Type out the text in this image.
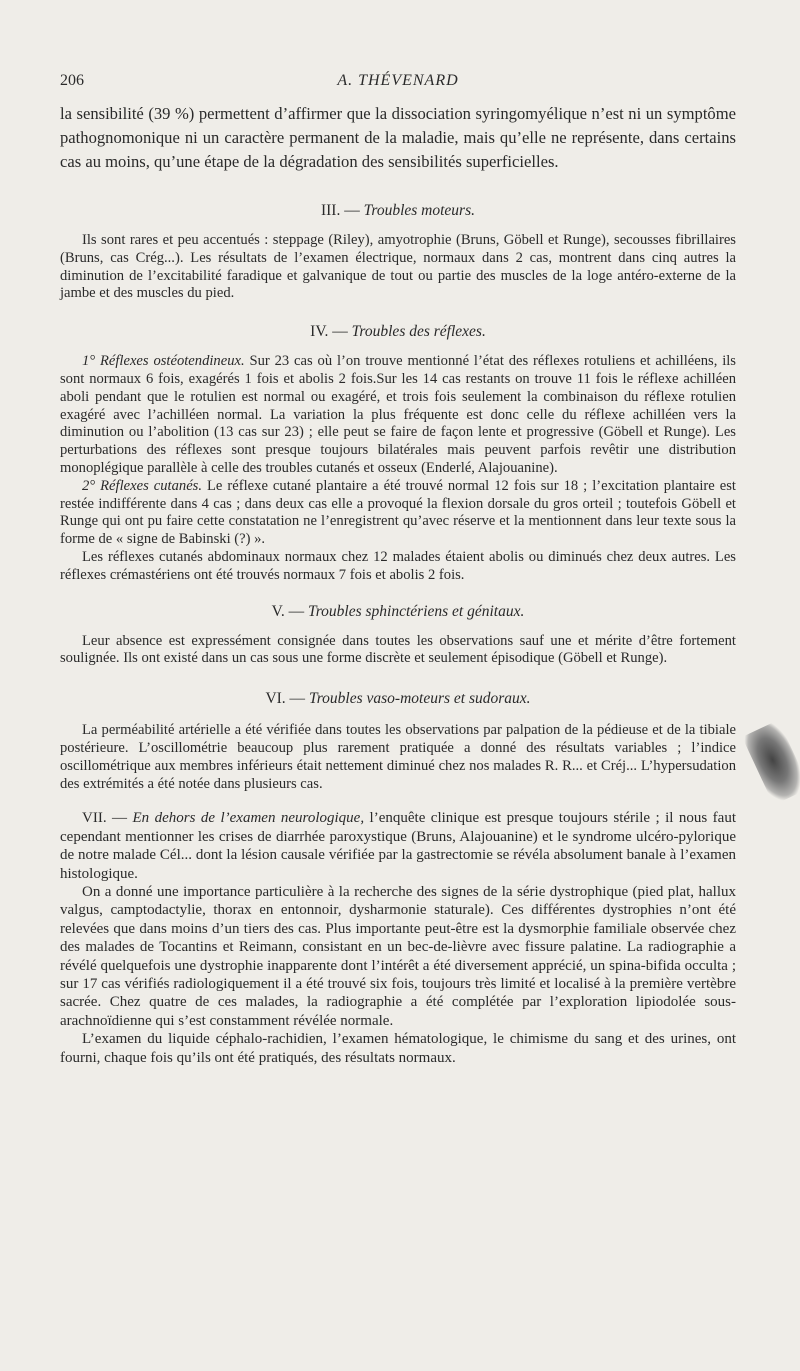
206	A. THÉVENARD

la sensibilité (39 %) permettent d’affirmer que la dissociation syringomyélique n’est ni un symptôme pathognomonique ni un caractère permanent de la maladie, mais qu’elle ne représente, dans certains cas au moins, qu’une étape de la dégradation des sensibilités superficielles.

III. — Troubles moteurs.

Ils sont rares et peu accentués : steppage (Riley), amyotrophie (Bruns, Göbell et Runge), secousses fibrillaires (Bruns, cas Crég...). Les résultats de l’examen électrique, normaux dans 2 cas, montrent dans cinq autres la diminution de l’excitabilité faradique et galvanique de tout ou partie des muscles de la loge antéro-externe de la jambe et des muscles du pied.

IV. — Troubles des réflexes.

1° Réflexes ostéotendineux. Sur 23 cas où l’on trouve mentionné l’état des réflexes rotuliens et achilléens, ils sont normaux 6 fois, exagérés 1 fois et abolis 2 fois.Sur les 14 cas restants on trouve 11 fois le réflexe achilléen aboli pendant que le rotulien est normal ou exagéré, et trois fois seulement la combinaison du réflexe rotulien exagéré avec l’achilléen normal. La variation la plus fréquente est donc celle du réflexe achilléen vers la diminution ou l’abolition (13 cas sur 23) ; elle peut se faire de façon lente et progressive (Göbell et Runge). Les perturbations des réflexes sont presque toujours bilatérales mais peuvent parfois revêtir une distribution monoplégique parallèle à celle des troubles cutanés et osseux (Enderlé, Alajouanine).

2° Réflexes cutanés. Le réflexe cutané plantaire a été trouvé normal 12 fois sur 18 ; l’excitation plantaire est restée indifférente dans 4 cas ; dans deux cas elle a provoqué la flexion dorsale du gros orteil ; toutefois Göbell et Runge qui ont pu faire cette constatation ne l’enregistrent qu’avec réserve et la mentionnent dans leur texte sous la forme de « signe de Babinski (?) ».

Les réflexes cutanés abdominaux normaux chez 12 malades étaient abolis ou diminués chez deux autres. Les réflexes crémastériens ont été trouvés normaux 7 fois et abolis 2 fois.

V. — Troubles sphinctériens et génitaux.

Leur absence est expressément consignée dans toutes les observations sauf une et mérite d’être fortement soulignée. Ils ont existé dans un cas sous une forme discrète et seulement épisodique (Göbell et Runge).

VI. — Troubles vaso-moteurs et sudoraux.

La perméabilité artérielle a été vérifiée dans toutes les observations par palpation de la pédieuse et de la tibiale postérieure. L’oscillométrie beaucoup plus rarement pratiquée a donné des résultats variables ; l’indice oscillométrique aux membres inférieurs était nettement diminué chez nos malades R. R... et Créj... L’hypersudation des extrémités a été notée dans plusieurs cas.

VII. — En dehors de l’examen neurologique, l’enquête clinique est presque toujours stérile ; il nous faut cependant mentionner les crises de diarrhée paroxystique (Bruns, Alajouanine) et le syndrome ulcéro-pylorique de notre malade Cél... dont la lésion causale vérifiée par la gastrectomie se révéla absolument banale à l’examen histologique.

On a donné une importance particulière à la recherche des signes de la série dystrophique (pied plat, hallux valgus, camptodactylie, thorax en entonnoir, dysharmonie staturale). Ces différentes dystrophies n’ont été relevées que dans moins d’un tiers des cas. Plus importante peut-être est la dysmorphie familiale observée chez des malades de Tocantins et Reimann, consistant en un bec-de-lièvre avec fissure palatine. La radiographie a révélé quelquefois une dystrophie inapparente dont l’intérêt a été diversement apprécié, un spina-bifida occulta ; sur 17 cas vérifiés radiologiquement il a été trouvé six fois, toujours très limité et localisé à la première vertèbre sacrée. Chez quatre de ces malades, la radiographie a été complétée par l’exploration lipiodolée sous-arachnoïdienne qui s’est constamment révélée normale.

L’examen du liquide céphalo-rachidien, l’examen hématologique, le chimisme du sang et des urines, ont fourni, chaque fois qu’ils ont été pratiqués, des résultats normaux.
